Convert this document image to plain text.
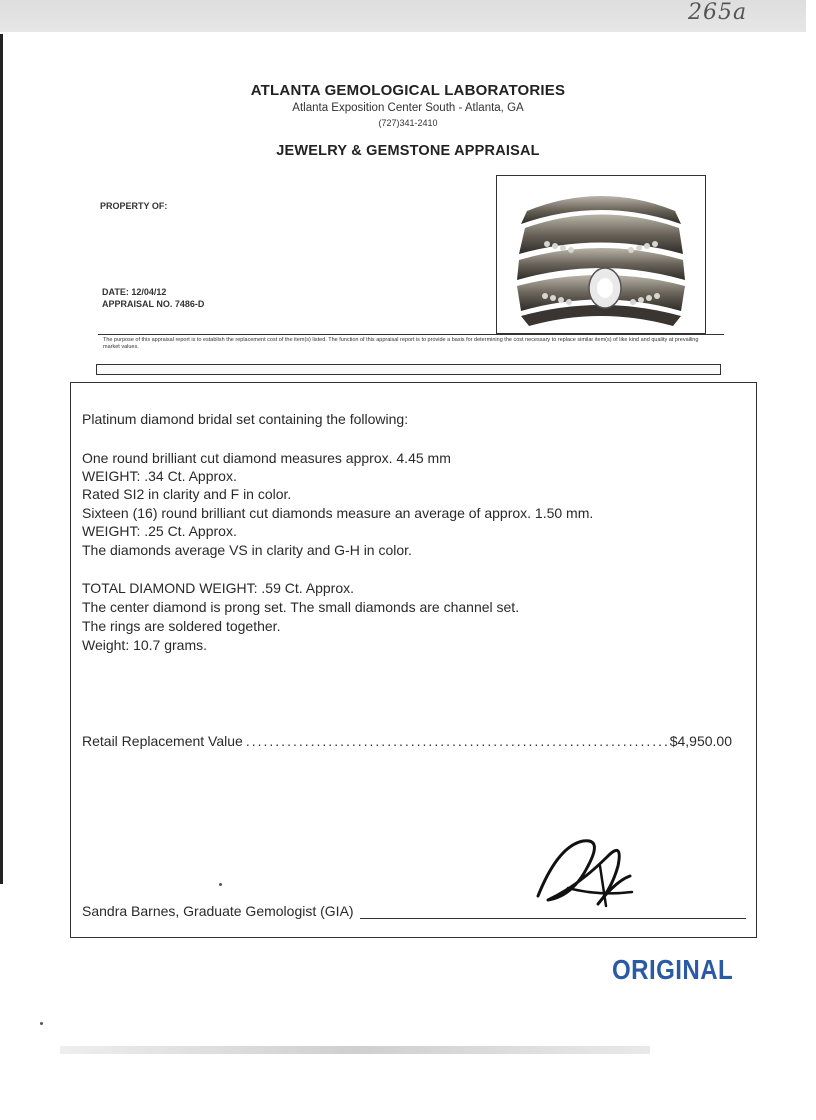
265a
ATLANTA GEMOLOGICAL LABORATORIES
Atlanta Exposition Center South - Atlanta, GA
(727)341-2410
JEWELRY & GEMSTONE APPRAISAL
PROPERTY OF:
DATE: 12/04/12
APPRAISAL NO. 7486-D
The purpose of this appraisal report is to establish the replacement cost of the item(s) listed. The function of this appraisal report is to provide a basis for determining the cost necessary to replace similar item(s) of like kind and quality at prevailing market values.
Platinum diamond bridal set containing the following:
One round brilliant cut diamond measures approx. 4.45 mm
WEIGHT: .34 Ct. Approx.
Rated SI2 in clarity and F in color.
Sixteen (16) round brilliant cut diamonds measure an average of approx. 1.50 mm.
WEIGHT: .25 Ct. Approx.
The diamonds average VS in clarity and G-H in color.
TOTAL DIAMOND WEIGHT: .59 Ct. Approx.
The center diamond is prong set. The small diamonds are channel set.
The rings are soldered together.
Weight: 10.7 grams.
Retail Replacement Value
.....	$4,950.00
Sandra Barnes, Graduate Gemologist (GIA)
ORIGINAL
